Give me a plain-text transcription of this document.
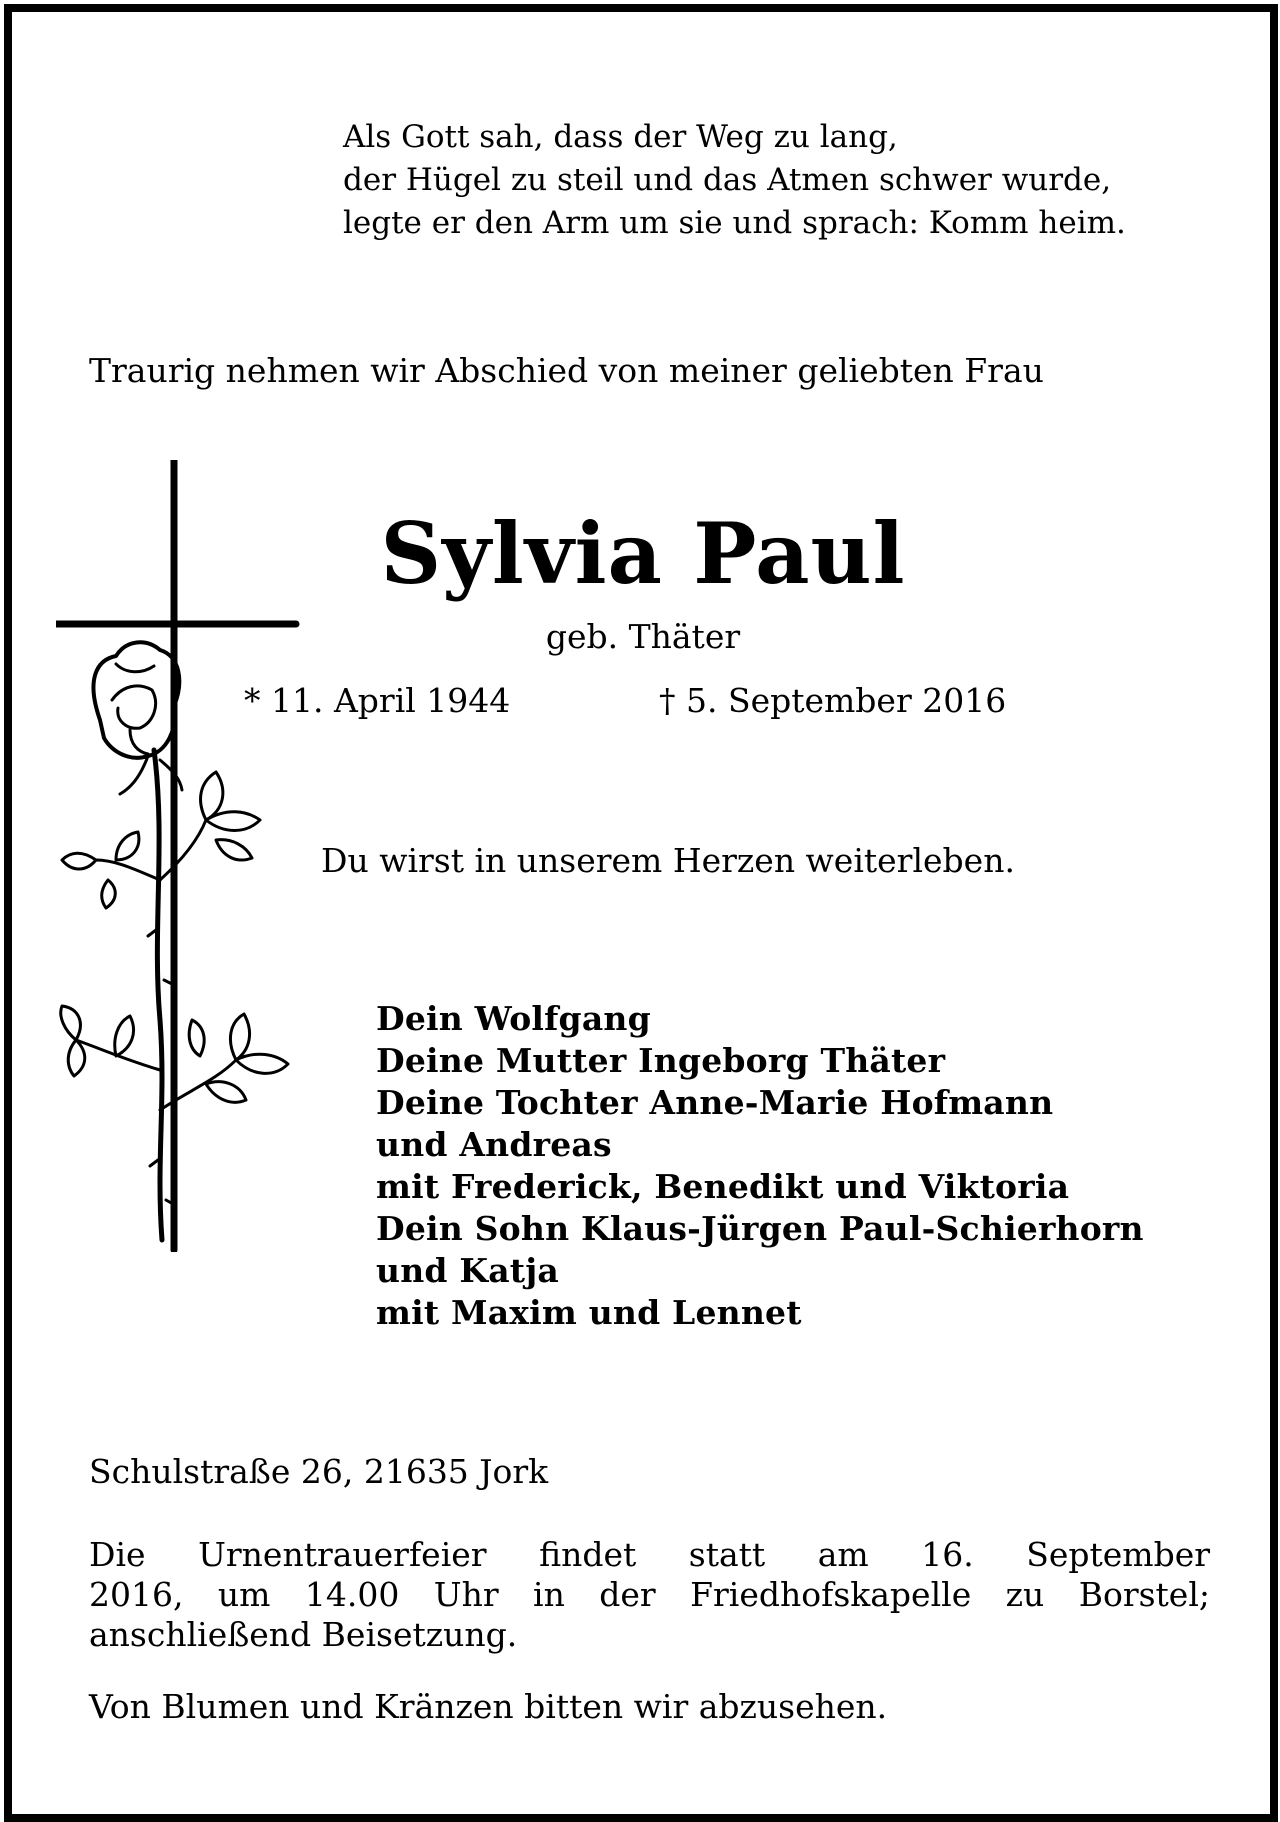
Als Gott sah, dass der Weg zu lang,
der Hügel zu steil und das Atmen schwer wurde,
legte er den Arm um sie und sprach: Komm heim.

Traurig nehmen wir Abschied von meiner geliebten Frau

Sylvia Paul

geb. Thäter

* 11. April 1944	† 5. September 2016

Du wirst in unserem Herzen weiterleben.

Dein Wolfgang
Deine Mutter Ingeborg Thäter
Deine Tochter Anne-Marie Hofmann
und Andreas
mit Frederick, Benedikt und Viktoria
Dein Sohn Klaus-Jürgen Paul-Schierhorn
und Katja
mit Maxim und Lennet

Schulstraße 26, 21635 Jork

Die Urnentrauerfeier findet statt am 16. September
2016, um 14.00 Uhr in der Friedhofskapelle zu Borstel;
anschließend Beisetzung.

Von Blumen und Kränzen bitten wir abzusehen.
